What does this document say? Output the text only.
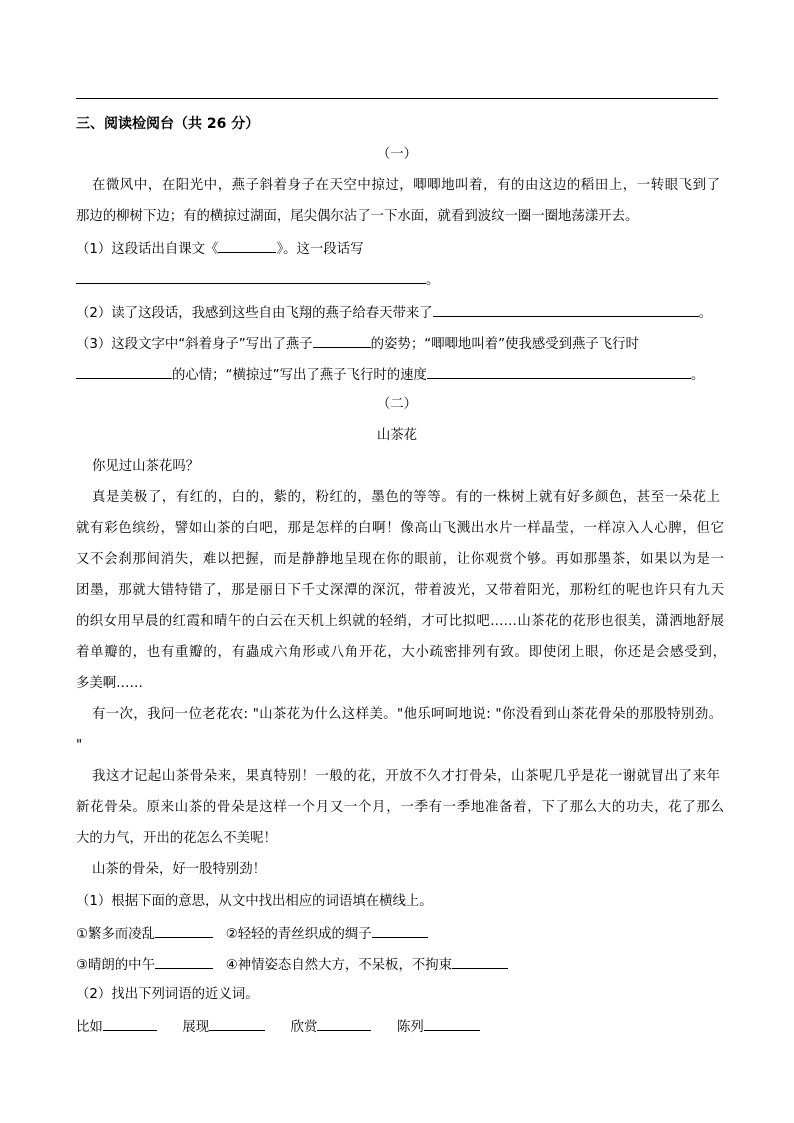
三、阅读检阅台（共 26 分）
（一）
在微风中，在阳光中，燕子斜着身子在天空中掠过，唧唧地叫着，有的由这边的稻田上，一转眼飞到了
那边的柳树下边；有的横掠过湖面，尾尖偶尔沾了一下水面，就看到波纹一圈一圈地荡漾开去。
（1）这段话出自课文《	》。这一段话写
。
（2）读了这段话，我感到这些自由飞翔的燕子给春天带来了	。
（3）这段文字中“斜着身子”写出了燕子	的姿势；“唧唧地叫着”使我感受到燕子飞行时
的心情；“横掠过”写出了燕子飞行时的速度	。
（二）
山茶花
你见过山茶花吗？
真是美极了，有红的，白的，紫的，粉红的，墨色的等等。有的一株树上就有好多颜色，甚至一朵花上
就有彩色缤纷，譬如山茶的白吧，那是怎样的白啊！像高山飞溅出水片一样晶莹，一样凉入人心脾，但它
又不会刹那间消失，难以把握，而是静静地呈现在你的眼前，让你观赏个够。再如那墨茶，如果以为是一
团墨，那就大错特错了，那是丽日下千丈深潭的深沉，带着波光，又带着阳光，那粉红的呢也许只有九天
的织女用早晨的红霞和晴午的白云在天机上织就的轻绡，才可比拟吧……山茶花的花形也很美，潇洒地舒展
着单瓣的，也有重瓣的，有蟲成六角形或八角开花，大小疏密排列有致。即使闭上眼，你还是会感受到，
多美啊……
有一次，我问一位老花农: "山茶花为什么这样美。"他乐呵呵地说: "你没看到山茶花骨朵的那股特别劲。
"
我这才记起山茶骨朵来，果真特别！一般的花，开放不久才打骨朵，山茶呢几乎是花一谢就冒出了来年
新花骨朵。原来山茶的骨朵是这样一个月又一个月，一季有一季地准备着，下了那么大的功夫，花了那么
大的力气，开出的花怎么不美呢！
山茶的骨朵，好一股特别劲！
（1）根据下面的意思，从文中找出相应的词语填在横线上。
①繁多而凌乱	②轻轻的青丝织成的绸子
③晴朗的中午	④神情姿态自然大方，不呆板，不拘束
（2）找出下列词语的近义词。
比如	展现	欣赏	陈列
